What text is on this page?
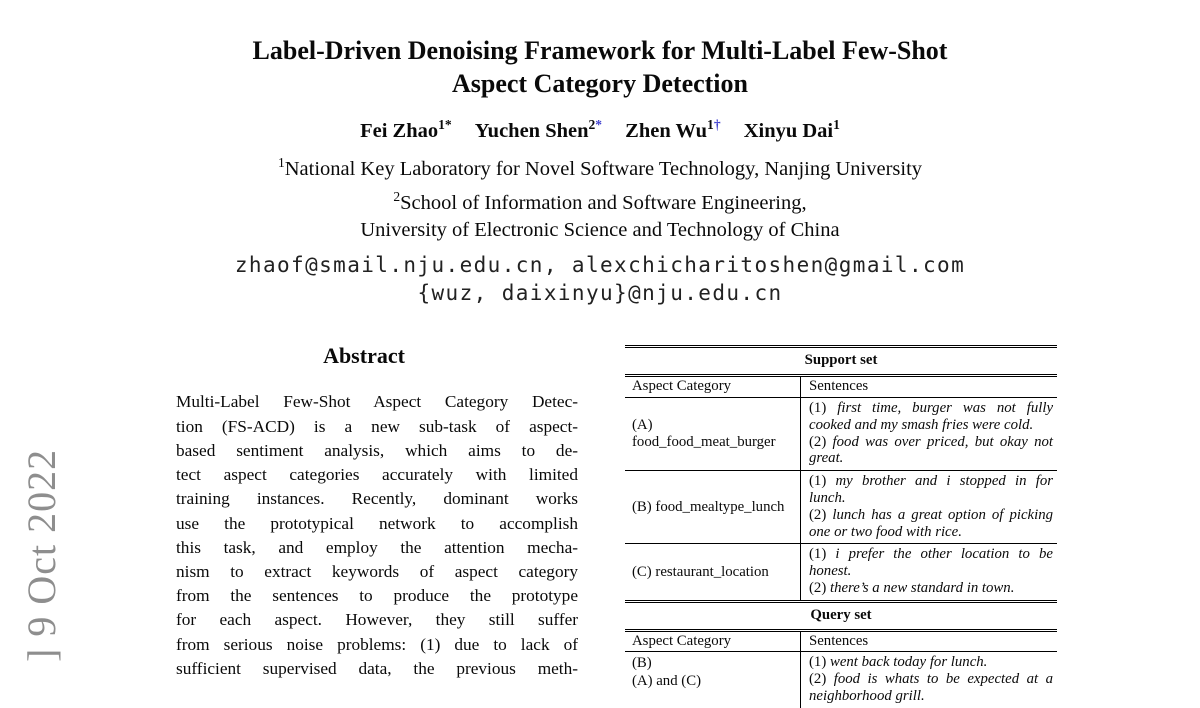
] 9 Oct 2022
Label-Driven Denoising Framework for Multi-Label Few-Shot
Aspect Category Detection
Fei Zhao$^{1*}$ Yuchen Shen$^{2*}$ Zhen $Wu^{1\dagger}$ Xinyu Dai$^1$
$^1$National Key Laboratory for Novel Software Technology, Nanjing University
$^2$School of Information and Software Engineering,
University of Electronic Science and Technology of China
zhaof@smail.nju.edu.cn, alexchicharitoshen@gmail.com
{wuz, daixinyu}@nju.edu.cn
Abstract
Multi-Label Few-Shot Aspect Category Detec-
tion (FS-ACD) is a new sub-task of aspect-
based sentiment analysis, which aims to de-
tect aspect categories accurately with limited
training instances. Recently, dominant works
use the prototypical network to accomplish
this task, and employ the attention mecha-
nism to extract keywords of aspect category
from the sentences to produce the prototype
for each aspect. However, they still suffer
from serious noise problems: (1) due to lack of
sufficient supervised data, the previous meth-
Support set
Aspect Category	Sentences
(A) food_food_meat_burger
(1) first time, burger was not fully cooked and my smash fries were cold.
(2) food was over priced, but okay not great.
(B) food_mealtype_lunch
(1) my brother and i stopped in for lunch.
(2) lunch has a great option of picking one or two food with rice.
(C) restaurant_location
(1) i prefer the other location to be honest.
(2) there’s a new standard in town.
Query set
Aspect Category	Sentences
(B)
(A) and (C)
(1) went back today for lunch.
(2) food is whats to be expected at a neighborhood grill.
